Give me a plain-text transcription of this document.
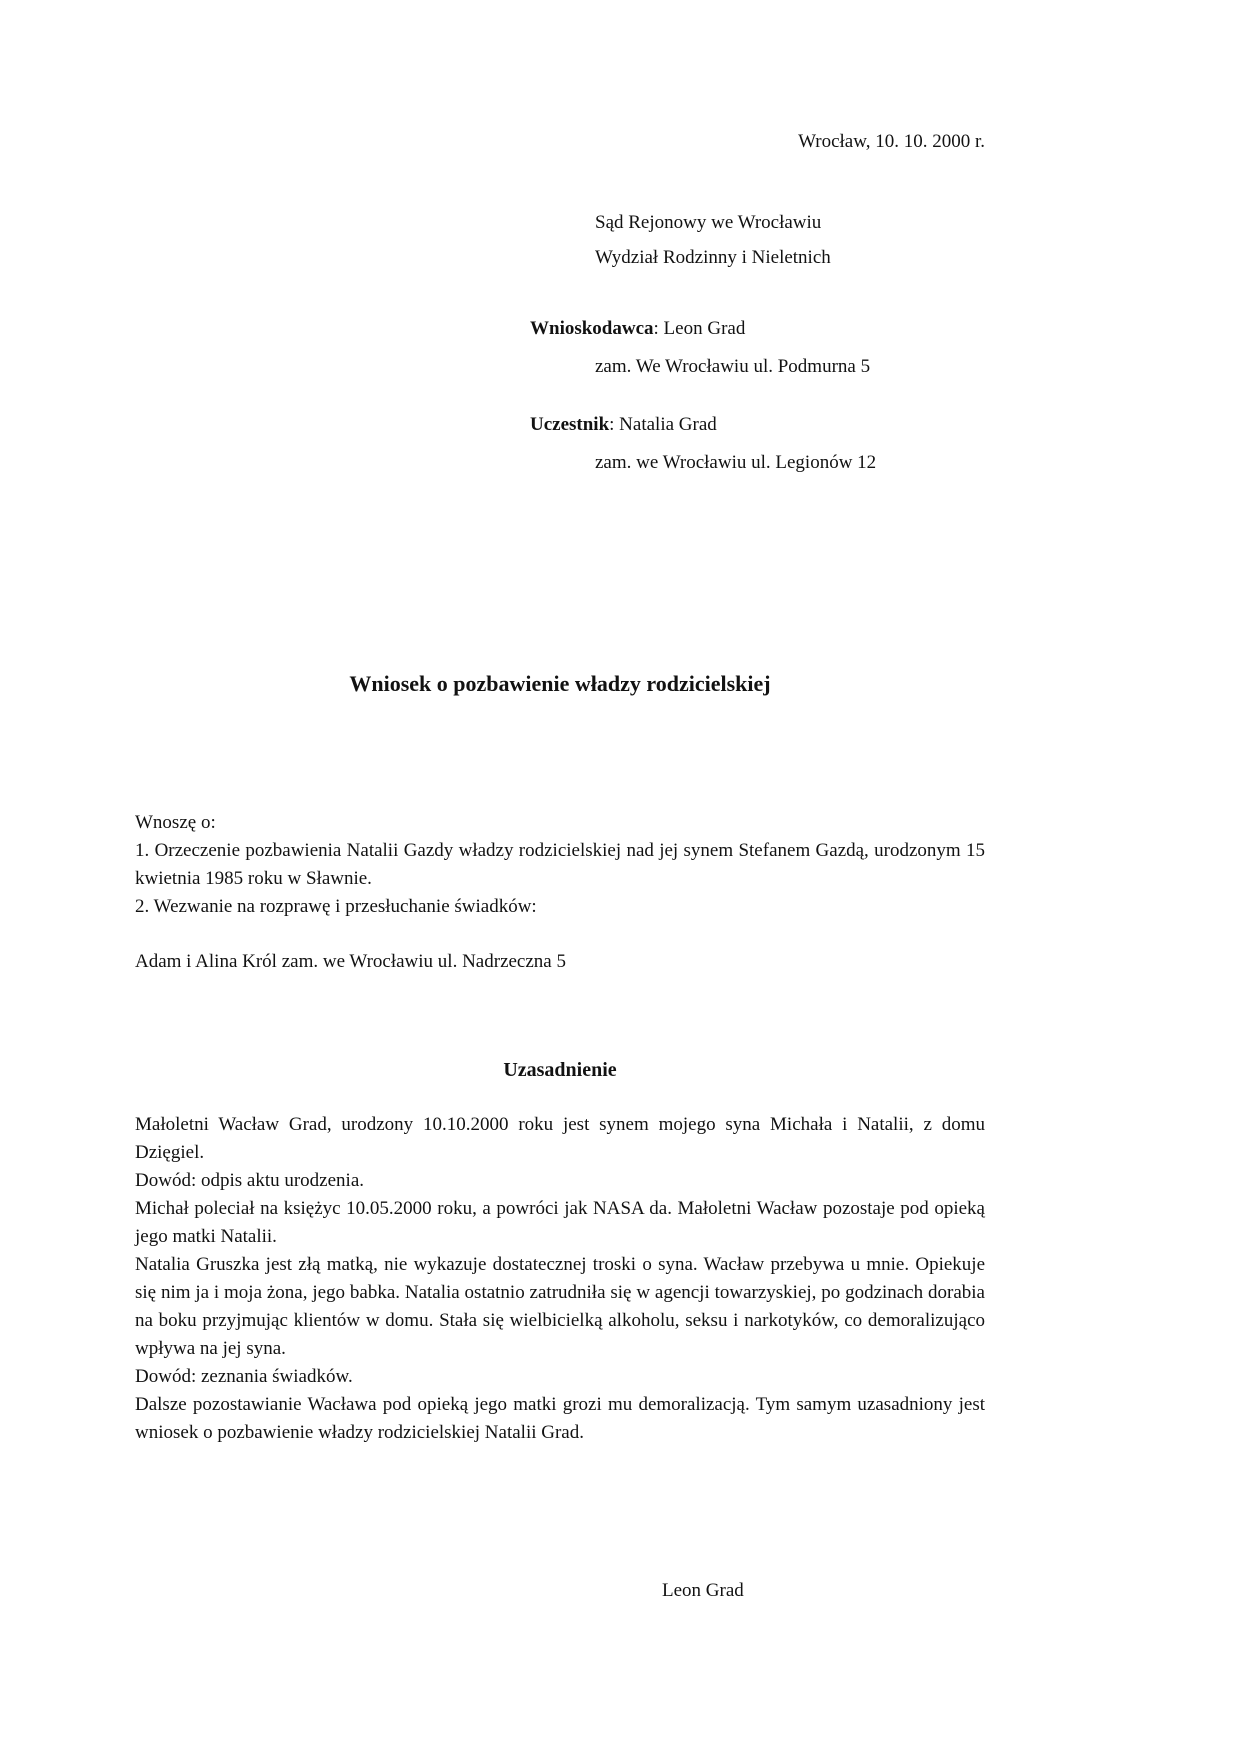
Wrocław, 10. 10. 2000 r.

Sąd Rejonowy we Wrocławiu
Wydział Rodzinny i Nieletnich

Wnioskodawca: Leon Grad

zam. We Wrocławiu ul. Podmurna 5

Uczestnik: Natalia Grad

zam. we Wrocławiu ul. Legionów 12

Wniosek o pozbawienie władzy rodzicielskiej

Wnoszę o:

1. Orzeczenie pozbawienia Natalii Gazdy władzy rodzicielskiej nad jej synem Stefanem Gazdą, urodzonym 15 kwietnia 1985 roku w Sławnie.

2. Wezwanie na rozprawę i przesłuchanie świadków:

Adam i Alina Król zam. we Wrocławiu ul. Nadrzeczna 5

Uzasadnienie

Małoletni Wacław Grad, urodzony 10.10.2000 roku jest synem mojego syna Michała i Natalii, z domu Dzięgiel.

Dowód: odpis aktu urodzenia.

Michał poleciał na księżyc 10.05.2000 roku, a powróci jak NASA da. Małoletni Wacław pozostaje pod opieką jego matki Natalii.

Natalia Gruszka jest złą matką, nie wykazuje dostatecznej troski o syna. Wacław przebywa u mnie. Opiekuje się nim ja i moja żona, jego babka. Natalia ostatnio zatrudniła się w agencji towarzyskiej, po godzinach dorabia na boku przyjmując klientów w domu. Stała się wielbicielką alkoholu, seksu i narkotyków, co demoralizująco wpływa na jej syna.

Dowód: zeznania świadków.

Dalsze pozostawianie Wacława pod opieką jego matki grozi mu demoralizacją. Tym samym uzasadniony jest wniosek o pozbawienie władzy rodzicielskiej Natalii Grad.

Leon Grad
